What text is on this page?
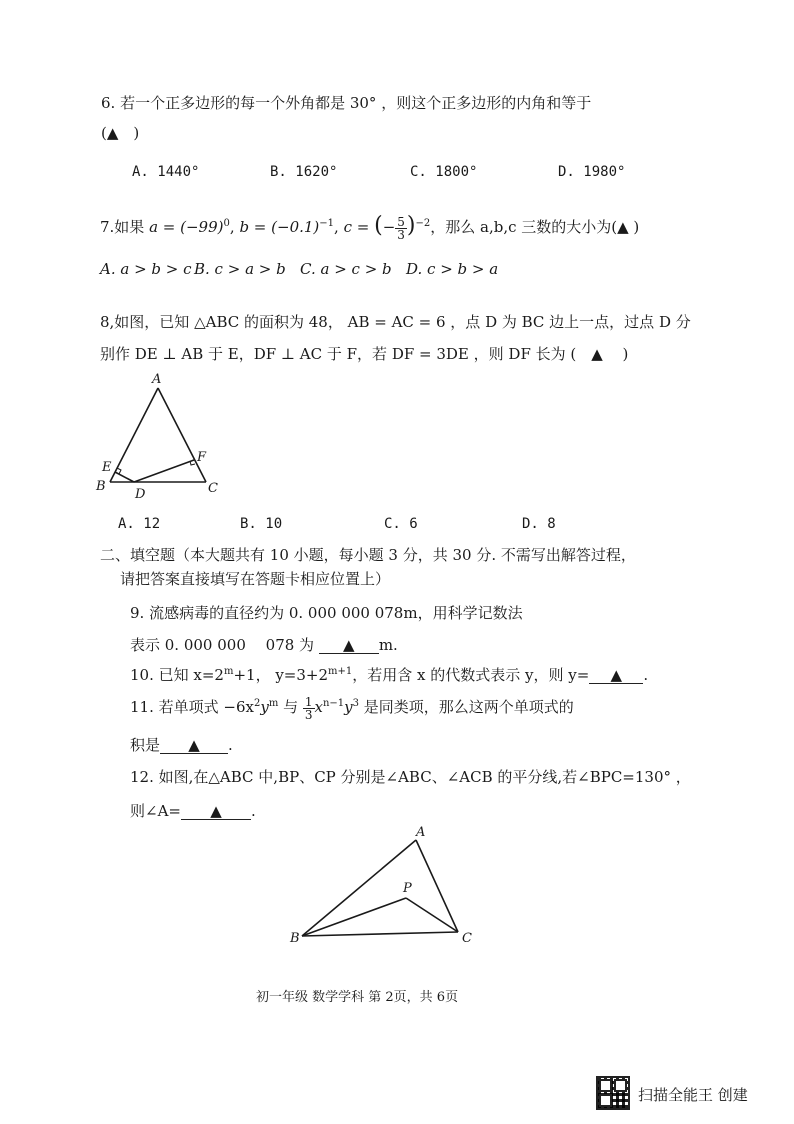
6. 若一个正多边形的每一个外角都是 30° ，则这个正多边形的内角和等于
(▲　)
A. 1440°	B. 1620°	C. 1800°	D. 1980°
7.如果 $a = (-99)^0$, $b = (-0.1)^{-1}$, c = (− $\frac{5}{3} )^{-2}$，那么 a,b,c 三数的大小为(▲ )
A. a > b > c B. c > a > b C. a > c > b D. c > b > a
8,如图，已知 △ABC 的面积为 48， AB = AC = 6 ，点 D 为 BC 边上一点，过点 D 分
别作 DE ⊥ AB 于 E，DF ⊥ AC 于 F，若 DF = 3DE ，则 DF 长为 (　▲　 )
A
E
F
B
D	C
A. 12	B. 10	C. 6	D. 8
二、填空题（本大题共有 10 小题，每小题 3 分，共 30 分. 不需写出解答过程，
请把答案直接填写在答题卡相应位置上）
9. 流感病毒的直径约为 0. 000 000 078m，用科学记数法
表示 0. 000 000　 078 为 ▲ m.
10. 已知 $x=2^m+1$， $y=3+2^{m+1}$，若用含 x 的代数式表示 y，则 y= ▲ .
11. 若单项式 $-6x^2y^m$ 与 $\frac{1}{3} x^{n-1}y^3$ 是同类项，那么这两个单项式的
积是 ▲ .
12. 如图,在△ABC 中,BP、CP 分别是∠ABC、∠ACB 的平分线,若∠BPC=130° ，
则∠A= ▲ .
A
P
B	C
初一年级 数学学科 第 2页，共 6页
扫描全能王 创建
